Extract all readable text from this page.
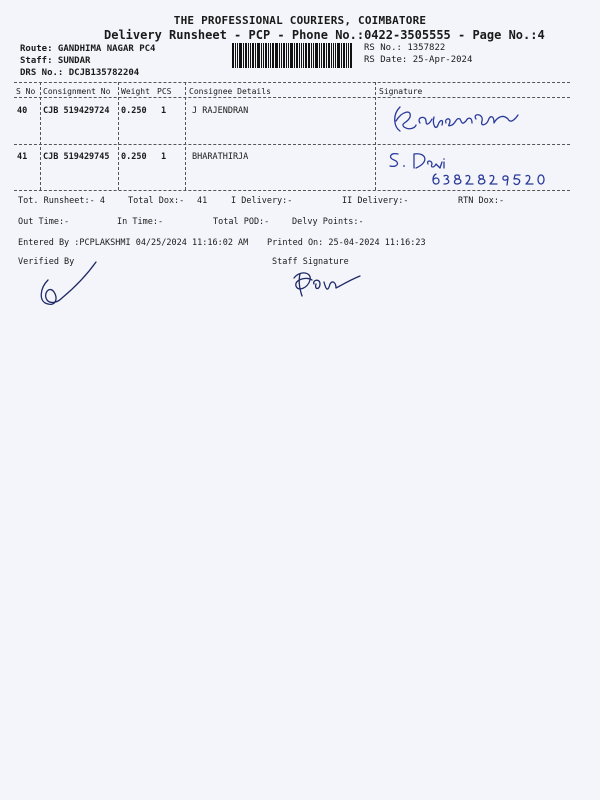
THE PROFESSIONAL COURIERS, COIMBATORE
Delivery Runsheet - PCP - Phone No.:0422-3505555 - Page No.:4
Route: GANDHIMA NAGAR PC4
Staff: SUNDAR
DRS No.: DCJB135782204
RS No.: 1357822
RS Date: 25-Apr-2024
S No Consignment No Weight PCS Consignee Details	Signature
40 CJB 519429724 0.250 1	J RAJENDRAN
41 CJB 519429745 0.250 1	BHARATHIRJA
Tot. Runsheet:- 4	Total Dox:- 41	I Delivery:-	II Delivery:-	RTN Dox:-
Out Time:-	In Time:-	Total POD:-	Delvy Points:-
Entered By :PCPLAKSHMI 04/25/2024 11:16:02 AM Printed On: 25-04-2024 11:16:23
Verified By	Staff Signature
